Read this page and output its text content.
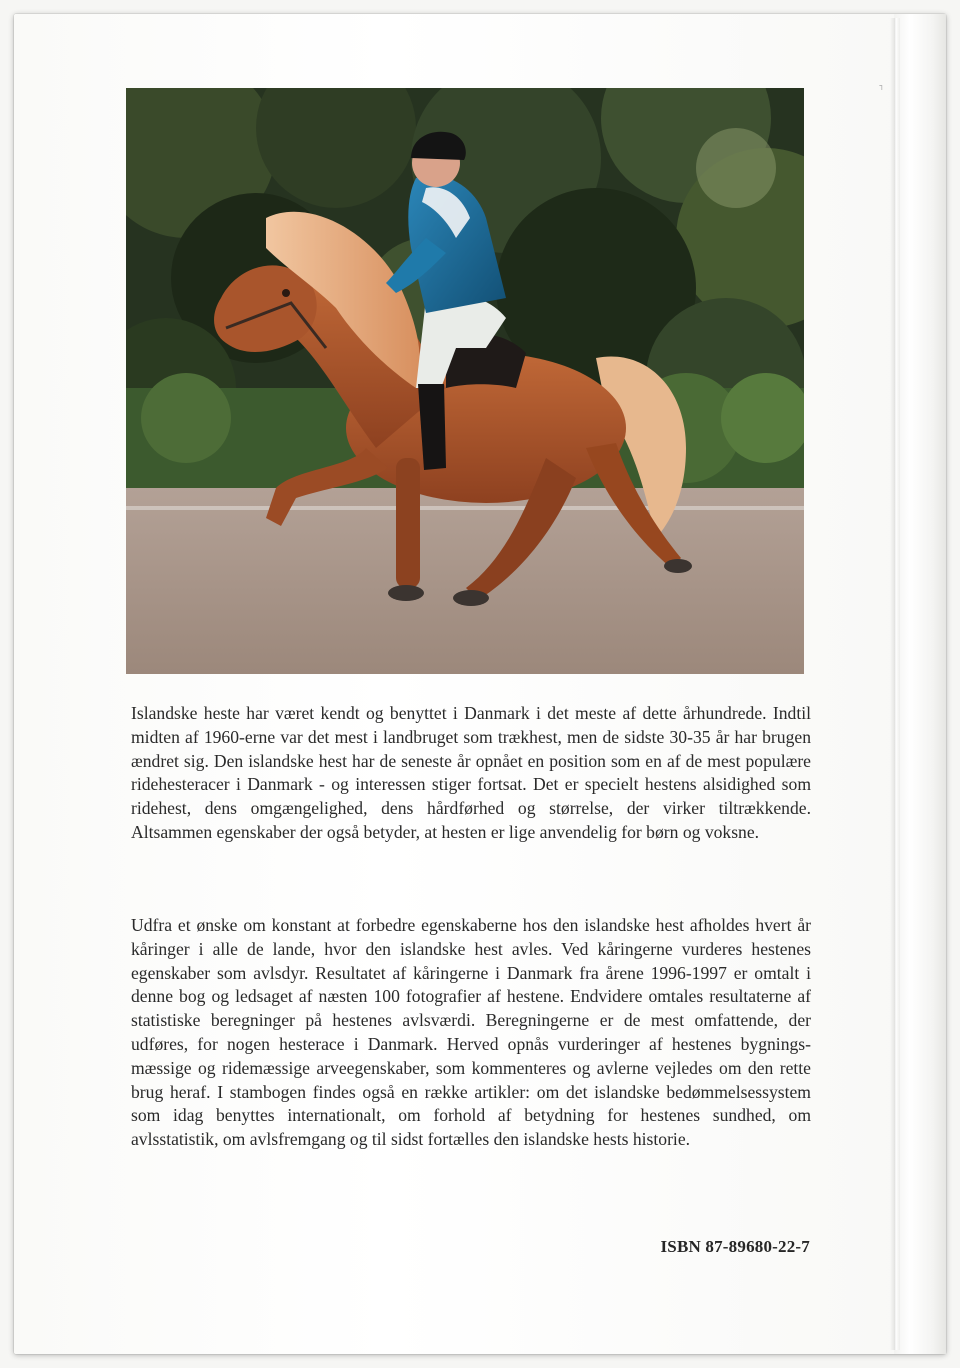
⌐

Islandske heste har været kendt og benyttet i Danmark i det meste af dette århundrede. Indtil midten af 1960-erne var det mest i landbruget som trækhest, men de sidste 30-35 år har brugen ændret sig. Den islandske hest har de seneste år opnået en position som en af de mest populære ridehesteracer i Danmark - og interessen stiger fortsat. Det er specielt hestens alsidighed som ridehest, dens omgængelighed, dens hårdførhed og størrelse, der virker tiltrækkende. Altsammen egenskaber der også betyder, at hesten er lige anvendelig for børn og voksne.

Udfra et ønske om konstant at forbedre egenskaberne hos den islandske hest afholdes hvert år kåringer i alle de lande, hvor den islandske hest avles. Ved kåringerne vurderes hestenes egenskaber som avlsdyr. Resultatet af kåringerne i Danmark fra årene 1996-1997 er omtalt i denne bog og ledsaget af næsten 100 fotografier af hestene. Endvidere omtales resultaterne af statistiske beregninger på hestenes avlsværdi. Beregningerne er de mest omfattende, der udføres, for nogen hesterace i Danmark. Herved opnås vurderinger af hestenes bygnings-mæssige og ridemæssige arveegenskaber, som kommenteres og avlerne vejledes om den rette brug heraf. I stambogen findes også en række artikler: om det islandske bedømmelsessystem som idag benyttes internationalt, om forhold af betydning for hestenes sundhed, om avlsstatistik, om avlsfremgang og til sidst fortælles den islandske hests historie.

ISBN 87-89680-22-7
